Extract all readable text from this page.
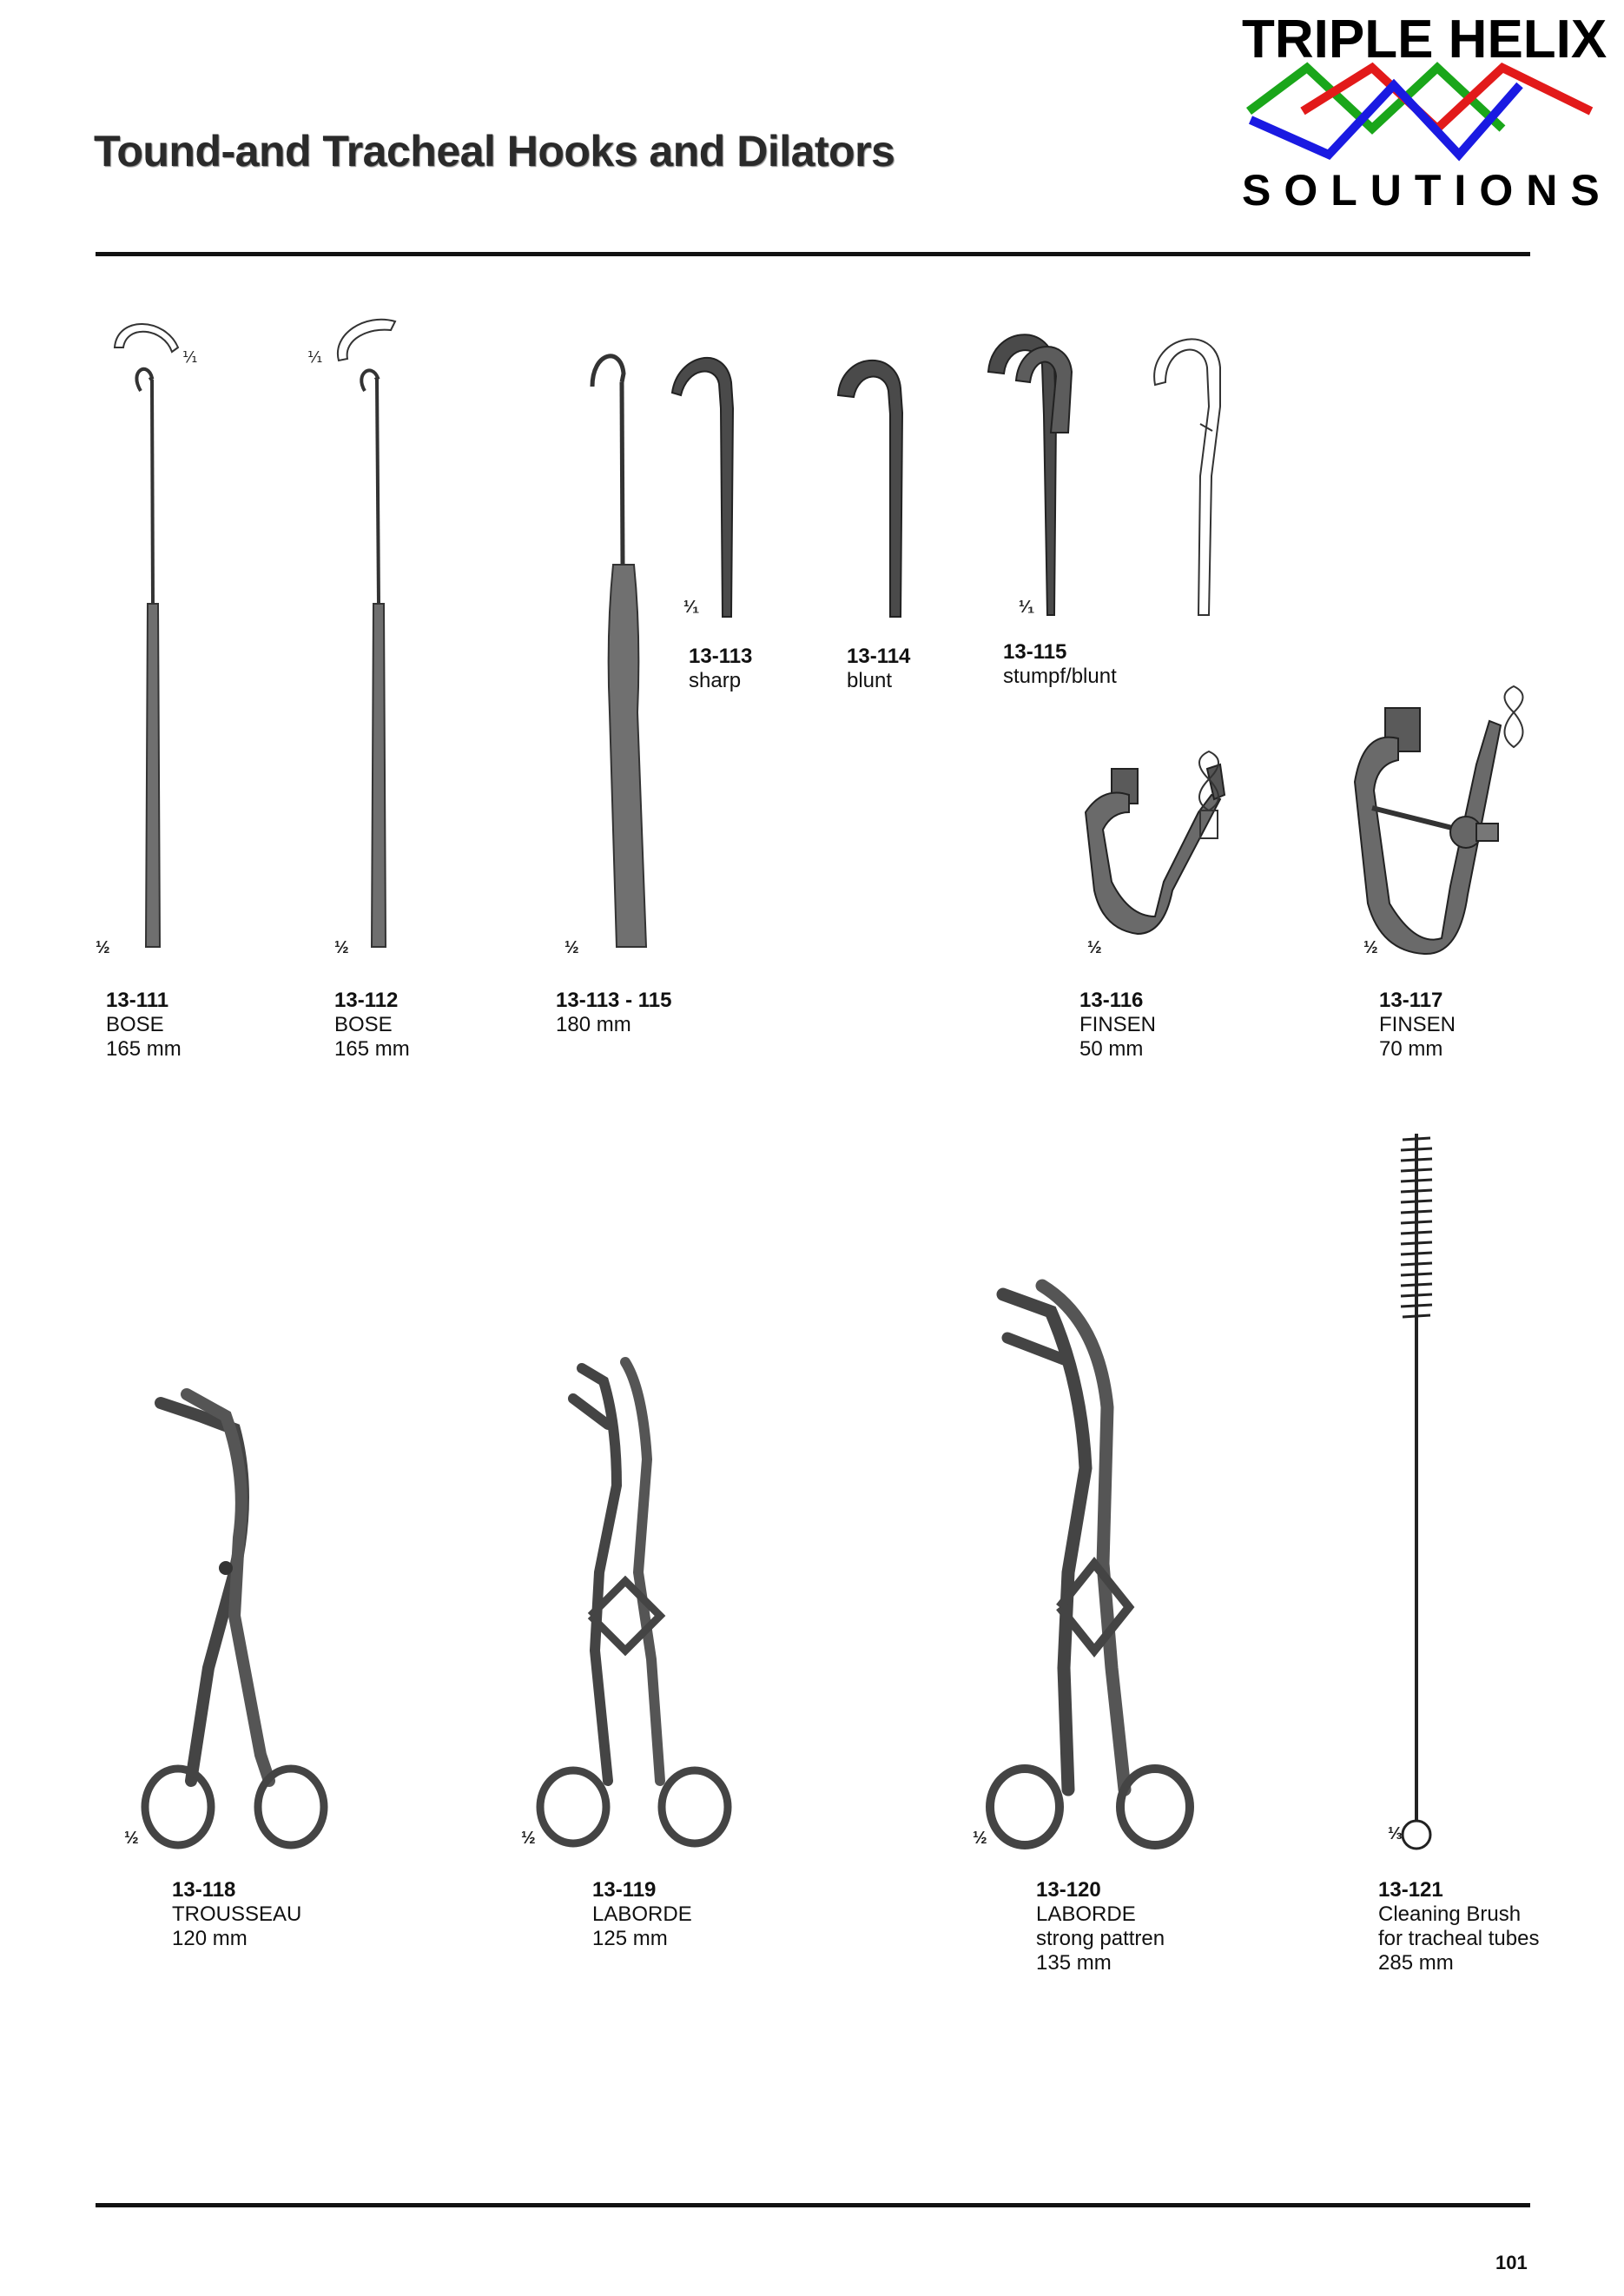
Tound-and Tracheal Hooks and Dilators
TRIPLE HELIX
SOLUTIONS
¹⁄₁
½
13-111
BOSE
165 mm
¹⁄₁
½
13-112
BOSE
165 mm
½
13-113 - 115
180 mm
¹⁄₁
13-113
sharp
13-114
blunt
¹⁄₁
13-115
stumpf/blunt
½
13-116
FINSEN
50 mm
½
13-117
FINSEN
70 mm
½
13-118
TROUSSEAU
120 mm
½
13-119
LABORDE
125 mm
½
13-120
LABORDE
strong pattren
135 mm
⅓
13-121
Cleaning Brush
for tracheal tubes
285 mm
101
